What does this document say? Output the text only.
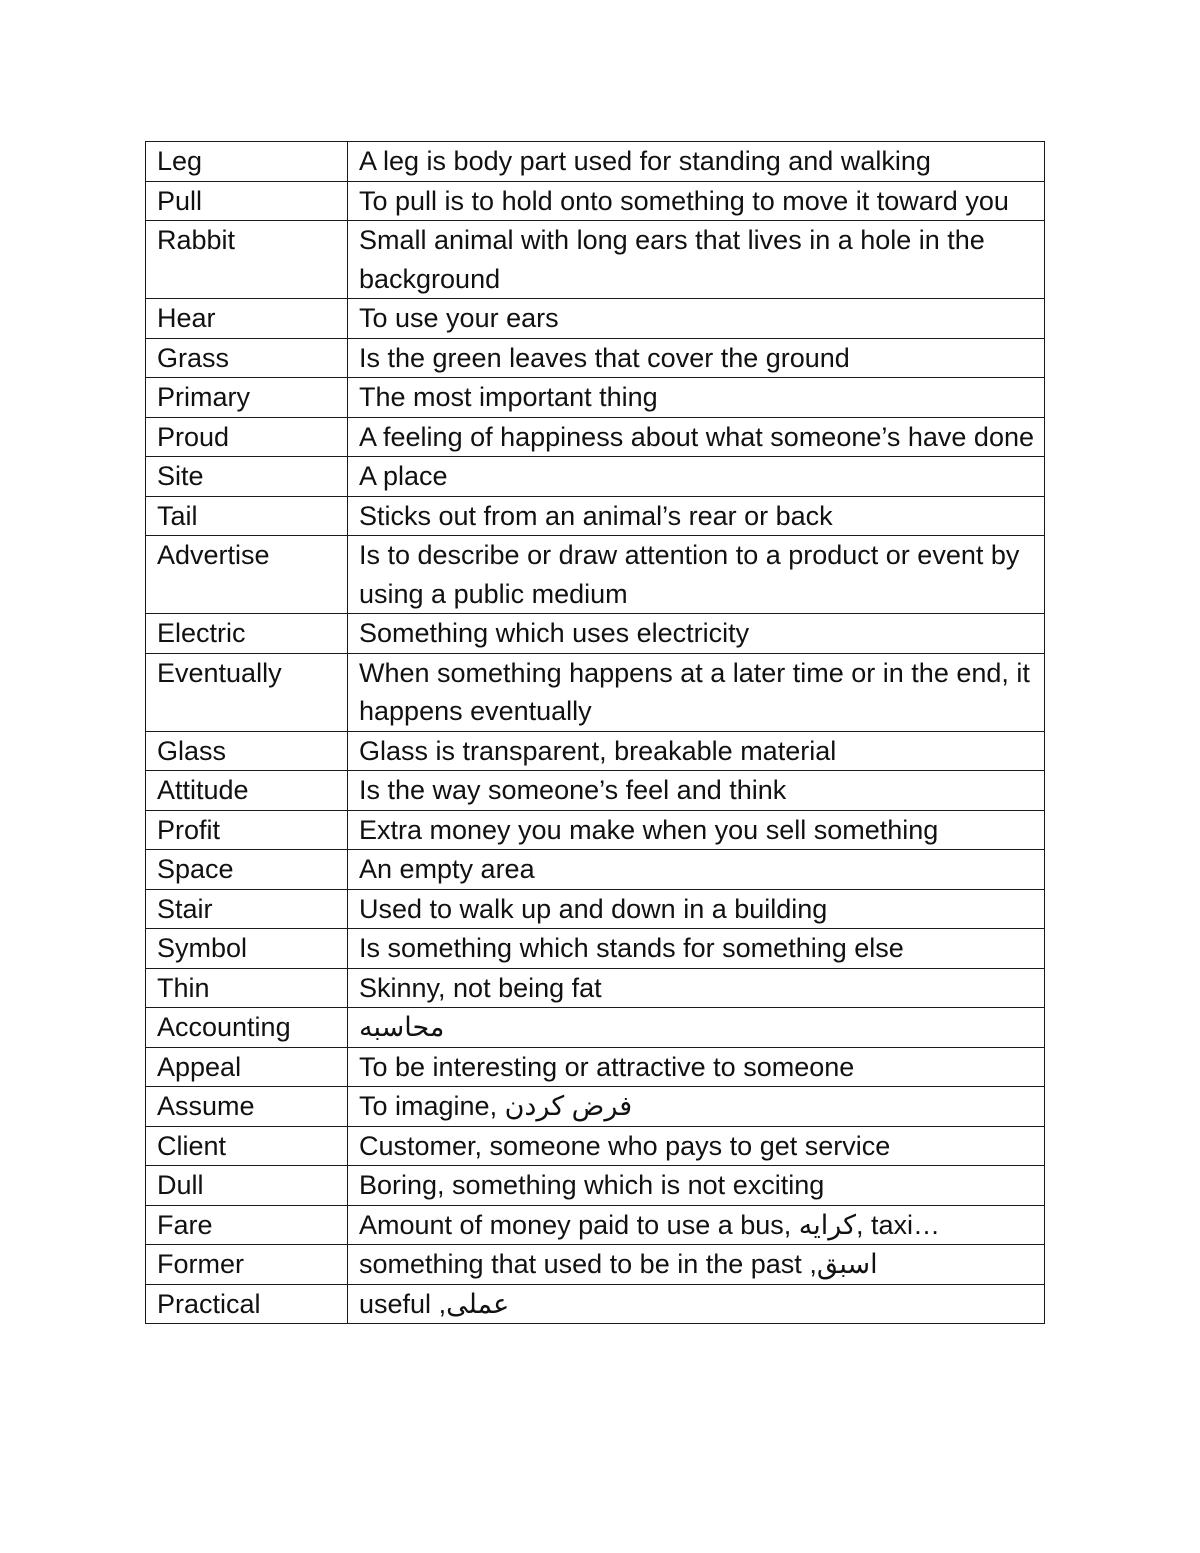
Leg	A leg is body part used for standing and walking
Pull	To pull is to hold onto something to move it toward you
Rabbit	Small animal with long ears that lives in a hole in the background
Hear	To use your ears
Grass	Is the green leaves that cover the ground
Primary	The most important thing
Proud	A feeling of happiness about what someone’s have done
Site	A place
Tail	Sticks out from an animal’s rear or back
Advertise	Is to describe or draw attention to a product or event by using a public medium
Electric	Something which uses electricity
Eventually	When something happens at a later time or in the end, it happens eventually
Glass	Glass is transparent, breakable material
Attitude	Is the way someone’s feel and think
Profit	Extra money you make when you sell something
Space	An empty area
Stair	Used to walk up and down in a building
Symbol	Is something which stands for something else
Thin	Skinny, not being fat
Accounting	محاسبه
Appeal	To be interesting or attractive to someone
Assume	To imagine, فرض کردن
Client	Customer, someone who pays to get service
Dull	Boring, something which is not exciting
Fare	Amount of money paid to use a bus, کرایه, taxi…
Former	اسبق, something that used to be in the past
Practical	عملی, useful
